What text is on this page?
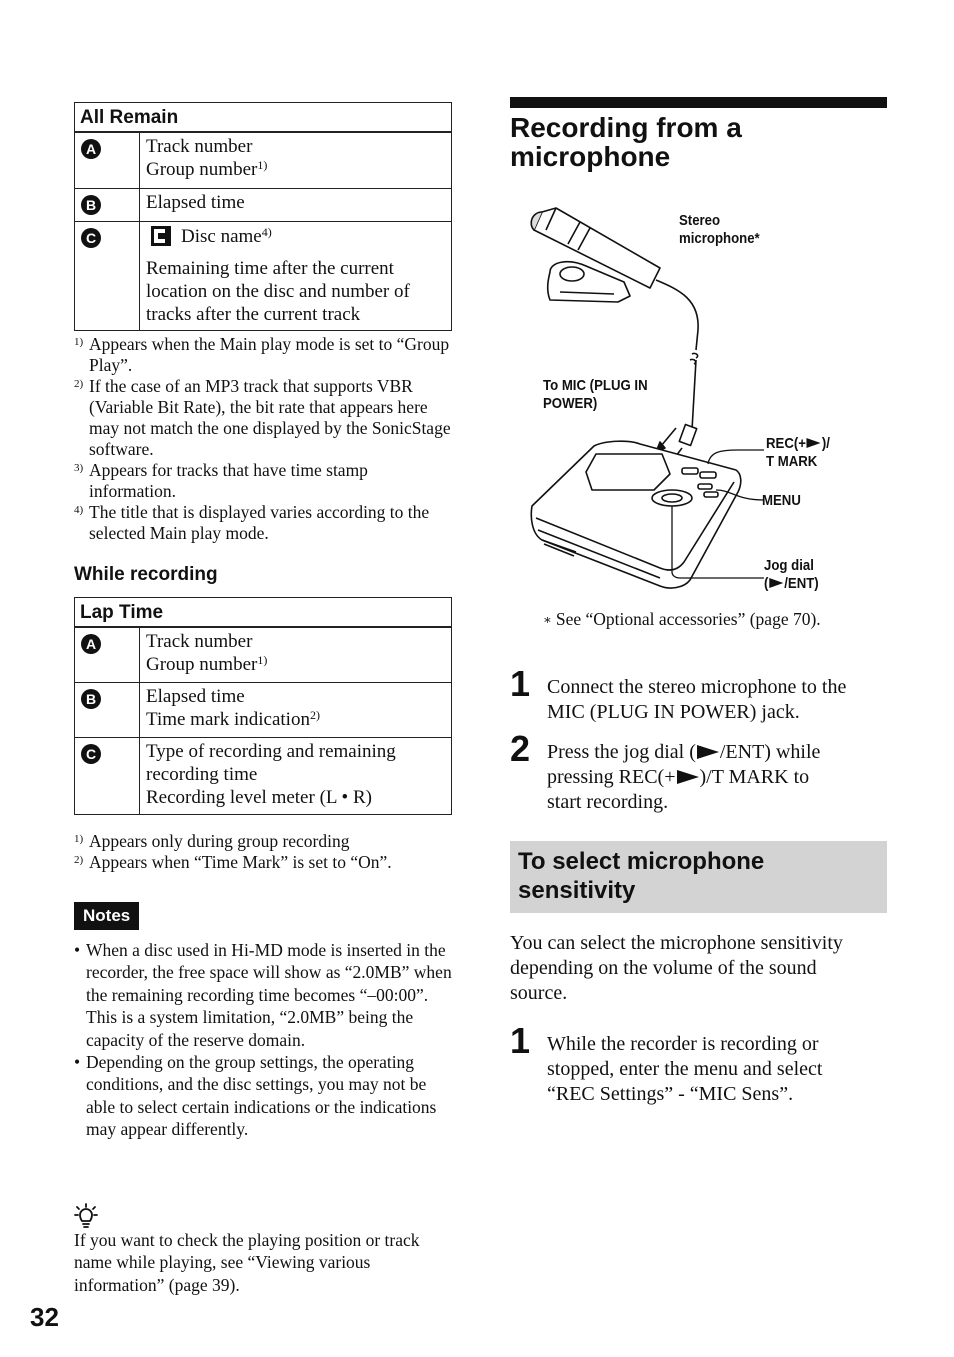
All Remain	
A	Track number
Group number$^{1)}$

B	Elapsed time

C	Disc name$^{4)}$
Remaining time after the current
location on the disc and number of
tracks after the current track
1) Appears when the Main play mode is set to “Group Play”.
2) If the case of an MP3 track that supports VBR (Variable Bit Rate), the bit rate that appears here may not match the one displayed by the SonicStage software.
3) Appears for tracks that have time stamp information.
4) The title that is displayed varies according to the selected Main play mode.
While recording
Lap Time	
A	Track number
Group number$^{1)}$

B	Elapsed time
Time mark indication$^{2)}$

C	Type of recording and remaining
recording time
Recording level meter (L • R)
1) Appears only during group recording
2) Appears when “Time Mark” is set to “On”.
Notes
• When a disc used in Hi-MD mode is inserted in the recorder, the free space will show as “2.0MB” when the remaining recording time becomes “–00:00”. This is a system limitation, “2.0MB” being the capacity of the reserve domain.
• Depending on the group settings, the operating conditions, and the disc settings, you may not be able to select certain indications or the indications may appear differently.
If you want to check the playing position or track name while playing, see “Viewing various information” (page 39).
32
Recording from a microphone
Stereo
microphone*
To MIC (PLUG IN
POWER)
REC(+ )/
T MARK
MENU
Jog dial
( /ENT)
∗ See “Optional accessories” (page 70).
1 Connect the stereo microphone to the
MIC (PLUG IN POWER) jack.
2 Press the jog dial ( /ENT) while
pressing REC(+ )/T MARK to
start recording.
To select microphone sensitivity
You can select the microphone sensitivity
depending on the volume of the sound
source.
1 While the recorder is recording or
stopped, enter the menu and select
“REC Settings” - “MIC Sens”.
